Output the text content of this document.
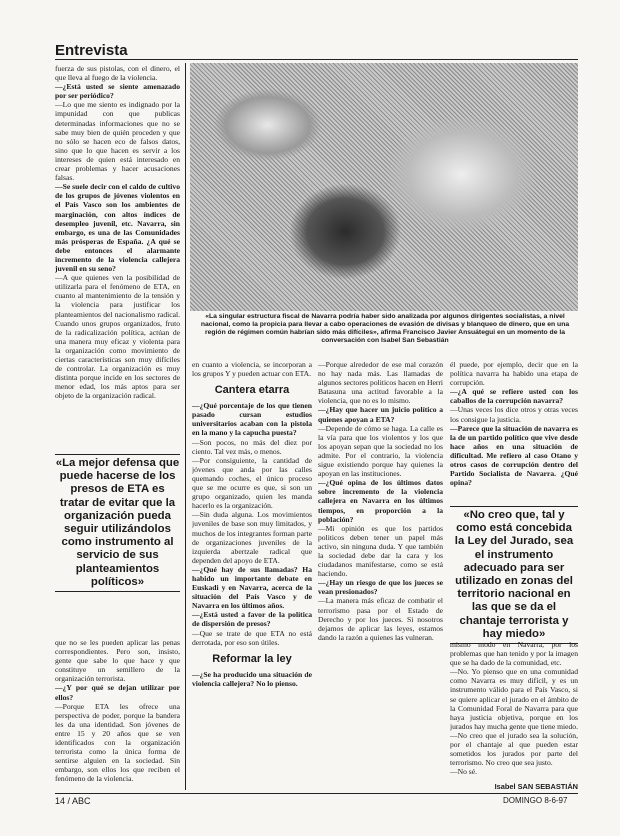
Entrevista

fuerza de sus pistolas, con el dinero, el que lleva al fuego de la violencia.

—¿Está usted se siente amenazado por ser periódico?

—Lo que me siento es indignado por la impunidad con que publicas determinadas informaciones que no se sabe muy bien de quién proceden y que no sólo se hacen eco de falsos datos, sino que lo que hacen es servir a los intereses de quien está interesado en crear problemas y hacer acusaciones falsas.

—Se suele decir con el caldo de cultivo de los grupos de jóvenes violentos en el País Vasco son los ambientes de marginación, con altos índices de desempleo juvenil, etc. Navarra, sin embargo, es una de las Comunidades más prósperas de España. ¿A qué se debe entonces el alarmante incremento de la violencia callejera juvenil en su seno?

—A que quienes ven la posibilidad de utilizarla para el fenómeno de ETA, en cuanto al mantenimiento de la tensión y la violencia para justificar los planteamientos del nacionalismo radical. Cuando unos grupos organizados, fruto de la radicalización política, actúan de una manera muy eficaz y violenta para la organización como movimiento de ciertas características son muy difíciles de controlar. La organización es muy distinta porque incide en los sectores de menor edad, los más aptos para ser objeto de la organización radical.

«La mejor defensa que puede hacerse de los presos de ETA es tratar de evitar que la organización pueda seguir utilizándolos como instrumento al servicio de sus planteamientos políticos»

que no se les pueden aplicar las penas correspondientes. Pero son, insisto, gente que sabe lo que hace y que constituye un semillero de la organización terrorista.

—¿Y por qué se dejan utilizar por ellos?

—Porque ETA les ofrece una perspectiva de poder, porque la bandera les da una identidad. Son jóvenes de entre 15 y 20 años que se ven identificados con la organización terrorista como la única forma de sentirse alguien en la sociedad. Sin embargo, son ellos los que reciben el fenómeno de la violencia.

«La singular estructura fiscal de Navarra podría haber sido analizada por algunos dirigentes socialistas, a nivel nacional, como la propicia para llevar a cabo operaciones de evasión de divisas y blanqueo de dinero, que en una región de régimen común habrían sido más difíciles», afirma Francisco Javier Ansuátegui en un momento de la conversación con Isabel San Sebastián

en cuanto a violencia, se incorporan a los grupos Y y pueden actuar con ETA.

Cantera etarra

—¿Qué porcentaje de los que tienen pasado cursan estudios universitarios acaban con la pistola en la mano y la capucha puesta?

—Son pocos, no más del diez por ciento. Tal vez más, o menos.

—Por consiguiente, la cantidad de jóvenes que anda por las calles quemando coches, el único proceso que se me ocurre es que, si son un grupo organizado, quien les manda hacerlo es la organización.

—Sin duda alguna. Los movimientos juveniles de base son muy limitados, y muchos de los integrantes forman parte de organizaciones juveniles de la izquierda abertzale radical que dependen del apoyo de ETA.

—¿Qué hay de sus llamadas? Ha habido un importante debate en Euskadi y en Navarra, acerca de la situación del País Vasco y de Navarra en los últimos años.

—¿Está usted a favor de la política de dispersión de presos?

—Que se trate de que ETA no está derrotada, por eso son útiles.

Reformar la ley

—¿Se ha producido una situación de violencia callejera? No lo pienso.

—Porque alrededor de ese mal corazón no hay nada más. Las llamadas de algunos sectores politicos hacen en Herri Batasuna una actitud favorable a la violencia, que no es lo mismo.

—¿Hay que hacer un juicio político a quienes apoyan a ETA?

—Depende de cómo se haga. La calle es la vía para que los violentos y los que los apoyan sepan que la sociedad no los admite. Por el contrario, la violencia sigue existiendo porque hay quienes la apoyan en las instituciones.

—¿Qué opina de los últimos datos sobre incremento de la violencia callejera en Navarra en los últimos tiempos, en proporción a la población?

—Mi opinión es que los partidos politicos deben tener un papel más activo, sin ninguna duda. Y que también la sociedad debe dar la cara y los ciudadanos manifestarse, como se está haciendo.

—¿Hay un riesgo de que los jueces se vean presionados?

—La manera más eficaz de combatir el terrorismo pasa por el Estado de Derecho y por los jueces. Si nosotros dejamos de aplicar las leyes, estamos dando la razón a quienes las vulneran.

él puede, por ejemplo, decir que en la política navarra ha habido una etapa de corrupción.

—¿A qué se refiere usted con los caballos de la corrupción navarra?

—Unas veces los dice otros y otras veces los consigue la justicia.

—Parece que la situación de navarra es la de un partido político que vive desde hace años en una situación de dificultad. Me refiero al caso Otano y otros casos de corrupción dentro del Partido Socialista de Navarra. ¿Qué opina?

«No creo que, tal y como está concebida la Ley del Jurado, sea el instrumento adecuado para ser utilizado en zonas del territorio nacional en las que se da el chantaje terrorista y hay miedo»

mismo modo en Navarra, por los problemas que han tenido y por la imagen que se ha dado de la comunidad, etc.

—No. Yo pienso que en una comunidad como Navarra es muy difícil, y es un instrumento válido para el País Vasco, si se quiere aplicar el jurado en el ámbito de la Comunidad Foral de Navarra para que haya justicia objetiva, porque en los jurados hay mucha gente que tiene miedo.

—No creo que el jurado sea la solución, por el chantaje al que pueden estar sometidos los jurados por parte del terrorismo. No creo que sea justo.

—No sé.

Isabel SAN SEBASTIÁN

14 / ABC	DOMINGO 8-6-97
